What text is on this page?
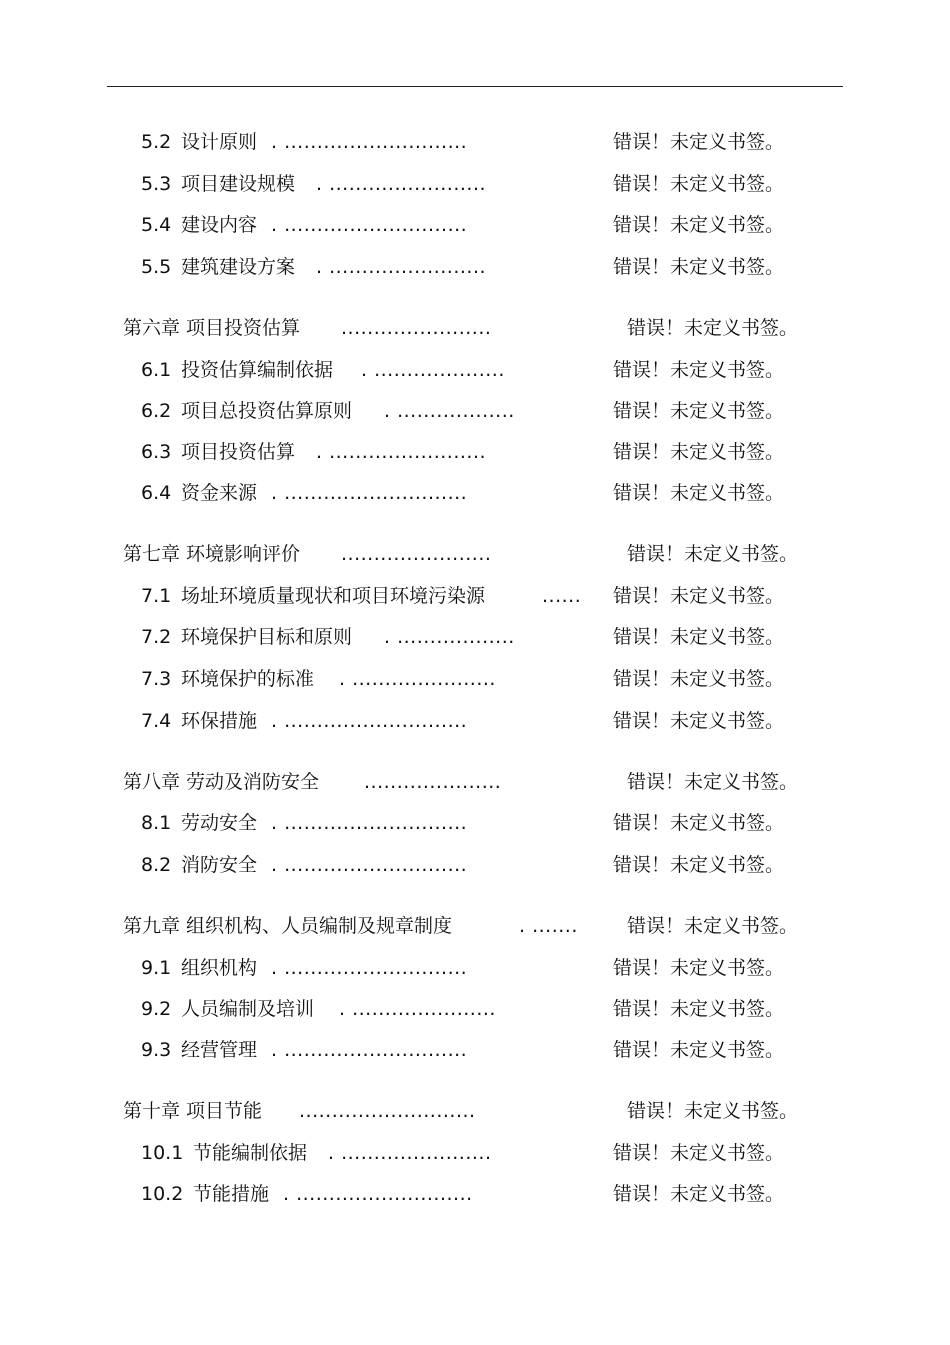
5.2 设计原则 . ............................	错误！未定义书签。
5.3 项目建设规模 . ........................	错误！未定义书签。
5.4 建设内容 . ............................	错误！未定义书签。
5.5 建筑建设方案 . ........................	错误！未定义书签。
第六章 项目投资估算 .......................	错误！未定义书签。
6.1 投资估算编制依据 . ....................	错误！未定义书签。
6.2 项目总投资估算原则 . ..................	错误！未定义书签。
6.3 项目投资估算 . ........................	错误！未定义书签。
6.4 资金来源 . ............................	错误！未定义书签。
第七章 环境影响评价 .......................	错误！未定义书签。
7.1 场址环境质量现状和项目环境污染源	...... 错误！未定义书签。
7.2 环境保护目标和原则 . ..................	错误！未定义书签。
7.3 环境保护的标准 . ......................	错误！未定义书签。
7.4 环保措施 . ............................	错误！未定义书签。
第八章 劳动及消防安全 .....................	错误！未定义书签。
8.1 劳动安全 . ............................	错误！未定义书签。
8.2 消防安全 . ............................	错误！未定义书签。
第九章 组织机构、人员编制及规章制度	. .......	错误！未定义书签。
9.1 组织机构 . ............................	错误！未定义书签。
9.2 人员编制及培训 . ......................	错误！未定义书签。
9.3 经营管理 . ............................	错误！未定义书签。
第十章 项目节能 ...........................	错误！未定义书签。
10.1 节能编制依据 . .......................	错误！未定义书签。
10.2 节能措施 . ...........................	错误！未定义书签。
